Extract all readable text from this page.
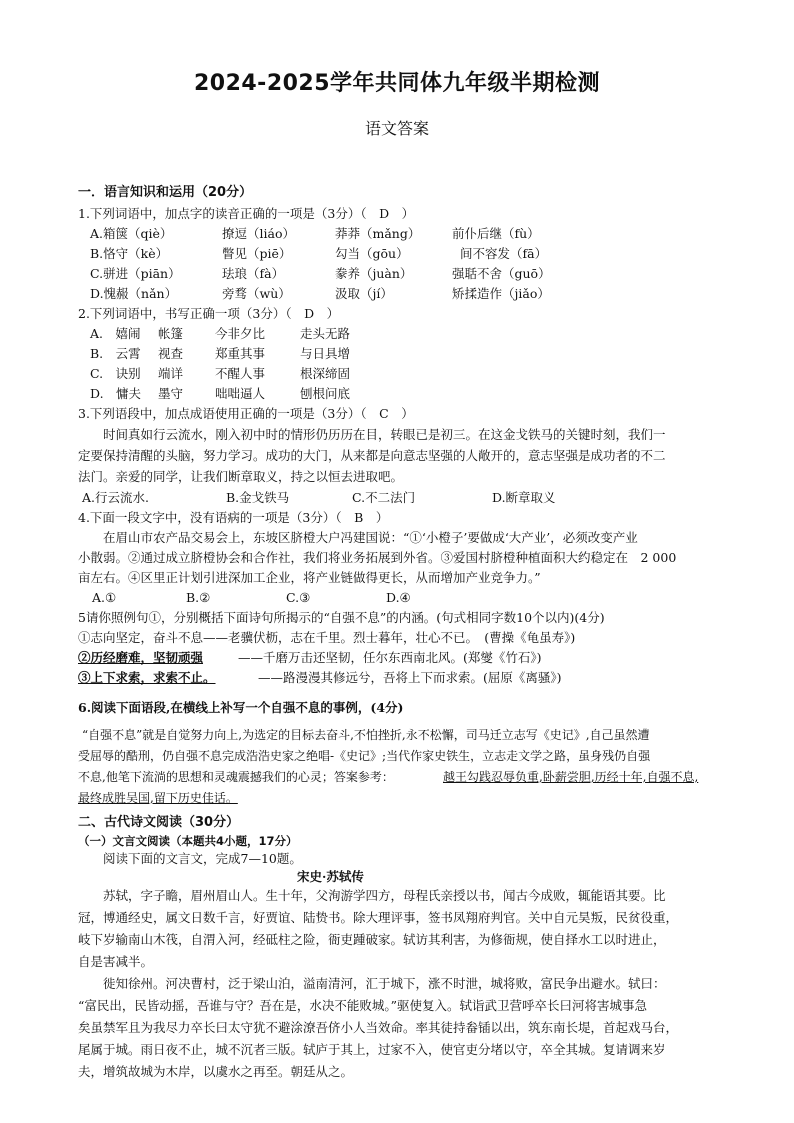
2024-2025学年共同体九年级半期检测
语文答案
一．语言知识和运用（20分）
1.下列词语中，加点字的读音正确的一项是（3分）（　D　）
A.箱箧（qiè）	撩逗（liáo）	莽莽（mǎng）	前仆后继（fù）
B.恪守（kè）	瞥见（piē）	勾当（gōu）	间不容发（fā）
C.骈进（piān）	珐琅（fà）	豢养（juàn）	强聒不舍（guō）
D.愧赧（nǎn）	旁骛（wù）	汲取（jí）	矫揉造作（jiǎo）
2.下列词语中，书写正确一项（3分）（　D　）
A.　嬉闹 帐篷	今非夕比	走头无路
B.　云霄 视查	郑重其事	与日具增
C.　诀别 端详	不醒人事	根深缔固
D.　慵夫 墨守	咄咄逼人	刨根问底
3.下列语段中，加点成语使用正确的一项是（3分）（　C　）
　　时间真如行云流水，刚入初中时的情形仍历历在目，转眼已是初三。在这金戈铁马的关键时刻，我们一
定要保持清醒的头脑，努力学习。成功的大门，从来都是向意志坚强的人敞开的，意志坚强是成功者的不二
法门。亲爱的同学，让我们断章取义，持之以恒去进取吧。
A.行云流水.	B.金戈铁马	C.不二法门	D.断章取义
4.下面一段文字中，没有语病的一项是（3分）（　B　）
　　在眉山市农产品交易会上，东坡区脐橙大户冯建国说：“①‘小橙子’要做成‘大产业’，必须改变产业
小散弱。②通过成立脐橙协会和合作社，我们将业务拓展到外省。③爱国村脐橙种植面积大约稳定在　2 000
亩左右。④区里正计划引进深加工企业，将产业链做得更长，从而增加产业竞争力。”
A.①	B.②	C.③	D.④
5请你照例句①，分别概括下面诗句所揭示的“自强不息”的内涵。(句式相同字数10个以内)(4分)
①志向坚定，奋斗不息——老骥伏枥，志在千里。烈士暮年，壮心不已。　(曹操《龟虽寿》)
②历经磨难，坚韧顽强	——千磨万击还坚韧，任尔东西南北风。(郑燮《竹石》)
③上下求索，求索不止。	——路漫漫其修远兮，吾将上下而求索。(屈原《离骚》)
6.阅读下面语段,在横线上补写一个自强不息的事例，(4分)
“自强不息”就是自觉努力向上,为选定的目标去奋斗,不怕挫折,永不松懈，司马迁立志写《史记》,自己虽然遭
受屈辱的酷刑，仍自强不息完成浩浩史家之绝唱-《史记》;当代作家史铁生，立志走文学之路，虽身残仍自强
不息,他笔下流淌的思想和灵魂震撼我们的心灵；答案参考：	越王勾践忍辱负重,卧薪尝胆,历经十年,自强不息,
最终成胜吴国,留下历史佳话。
二、古代诗文阅读（30分）
（一）文言文阅读（本题共4小题，17分）
　　阅读下面的文言文，完成7—10题。
宋史·苏轼传
　　苏轼，字子瞻，眉州眉山人。生十年，父洵游学四方，母程氏亲授以书，闻古今成败，辄能语其要。比
冠，博通经史，属文日数千言，好贾谊、陆贽书。除大理评事，签书凤翔府判官。关中自元昊叛，民贫役重，
岐下岁输南山木筏，自渭入河，经砥柱之险，衙吏踵破家。轼访其利害，为修衙规，使自择水工以时进止，
自是害减半。
　　徙知徐州。河决曹村，泛于梁山泊，溢南清河，汇于城下，涨不时泄，城将败，富民争出避水。轼曰：
“富民出，民皆动摇，吾谁与守？吾在是，水决不能败城。”驱使复入。轼诣武卫营呼卒长曰河将害城事急
矣虽禁军且为我尽力卒长曰太守犹不避涂潦吾侪小人当效命。率其徒持畚锸以出，筑东南长堤，首起戏马台，
尾属于城。雨日夜不止，城不沉者三版。轼庐于其上，过家不入，使官吏分堵以守，卒全其城。复请调来岁
夫，增筑故城为木岸，以虞水之再至。朝廷从之。
